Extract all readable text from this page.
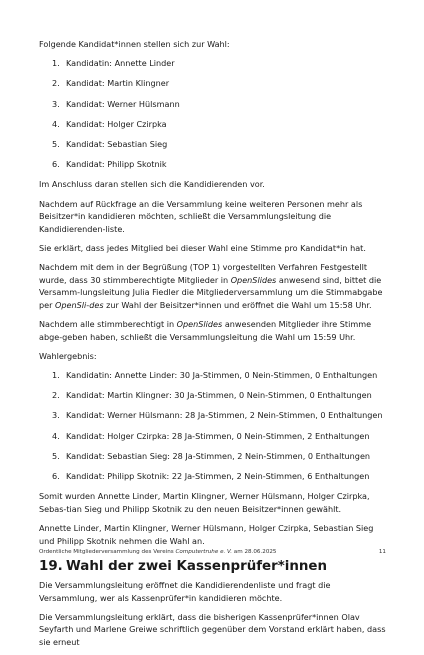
Folgende Kandidat*innen stellen sich zur Wahl:

1. Kandidatin: Annette Linder
2. Kandidat: Martin Klingner
3. Kandidat: Werner Hülsmann
4. Kandidat: Holger Czirpka
5. Kandidat: Sebastian Sieg
6. Kandidat: Philipp Skotnik

Im Anschluss daran stellen sich die Kandidierenden vor.

Nachdem auf Rückfrage an die Versammlung keine weiteren Personen mehr als Beisitzer*in kandidieren möchten, schließt die Versammlungsleitung die Kandidierenden-liste.

Sie erklärt, dass jedes Mitglied bei dieser Wahl eine Stimme pro Kandidat*in hat.

Nachdem mit dem in der Begrüßung (TOP 1) vorgestellten Verfahren Festgestellt wurde, dass 30 stimmberechtigte Mitglieder in OpenSlides anwesend sind, bittet die Versamm-lungsleitung Julia Fiedler die Mitgliederversammlung um die Stimmabgabe per OpenSli-des zur Wahl der Beisitzer*innen und eröffnet die Wahl um 15:58 Uhr.

Nachdem alle stimmberechtigt in OpenSlides anwesenden Mitglieder ihre Stimme abge-geben haben, schließt die Versammlungsleitung die Wahl um 15:59 Uhr.

Wahlergebnis:

1. Kandidatin: Annette Linder: 30 Ja-Stimmen, 0 Nein-Stimmen, 0 Enthaltungen
2. Kandidat: Martin Klingner: 30 Ja-Stimmen, 0 Nein-Stimmen, 0 Enthaltungen
3. Kandidat: Werner Hülsmann: 28 Ja-Stimmen, 2 Nein-Stimmen, 0 Enthaltungen
4. Kandidat: Holger Czirpka: 28 Ja-Stimmen, 0 Nein-Stimmen, 2 Enthaltungen
5. Kandidat: Sebastian Sieg: 28 Ja-Stimmen, 2 Nein-Stimmen, 0 Enthaltungen
6. Kandidat: Philipp Skotnik: 22 Ja-Stimmen, 2 Nein-Stimmen, 6 Enthaltungen

Somit wurden Annette Linder, Martin Klingner, Werner Hülsmann, Holger Czirpka, Sebas-tian Sieg und Philipp Skotnik zu den neuen Beisitzer*innen gewählt.

Annette Linder, Martin Klingner, Werner Hülsmann, Holger Czirpka, Sebastian Sieg und Philipp Skotnik nehmen die Wahl an.

19. Wahl der zwei Kassenprüfer*innen

Die Versammlungsleitung eröffnet die Kandidierendenliste und fragt die Versammlung, wer als Kassenprüfer*in kandidieren möchte.

Die Versammlungsleitung erklärt, dass die bisherigen Kassenprüfer*innen Olav Seyfarth und Marlene Greiwe schriftlich gegenüber dem Vorstand erklärt haben, dass sie erneut

Ordentliche Mitgliederversammlung des Vereins Computertruhe e. V. am 28.06.2025	11
